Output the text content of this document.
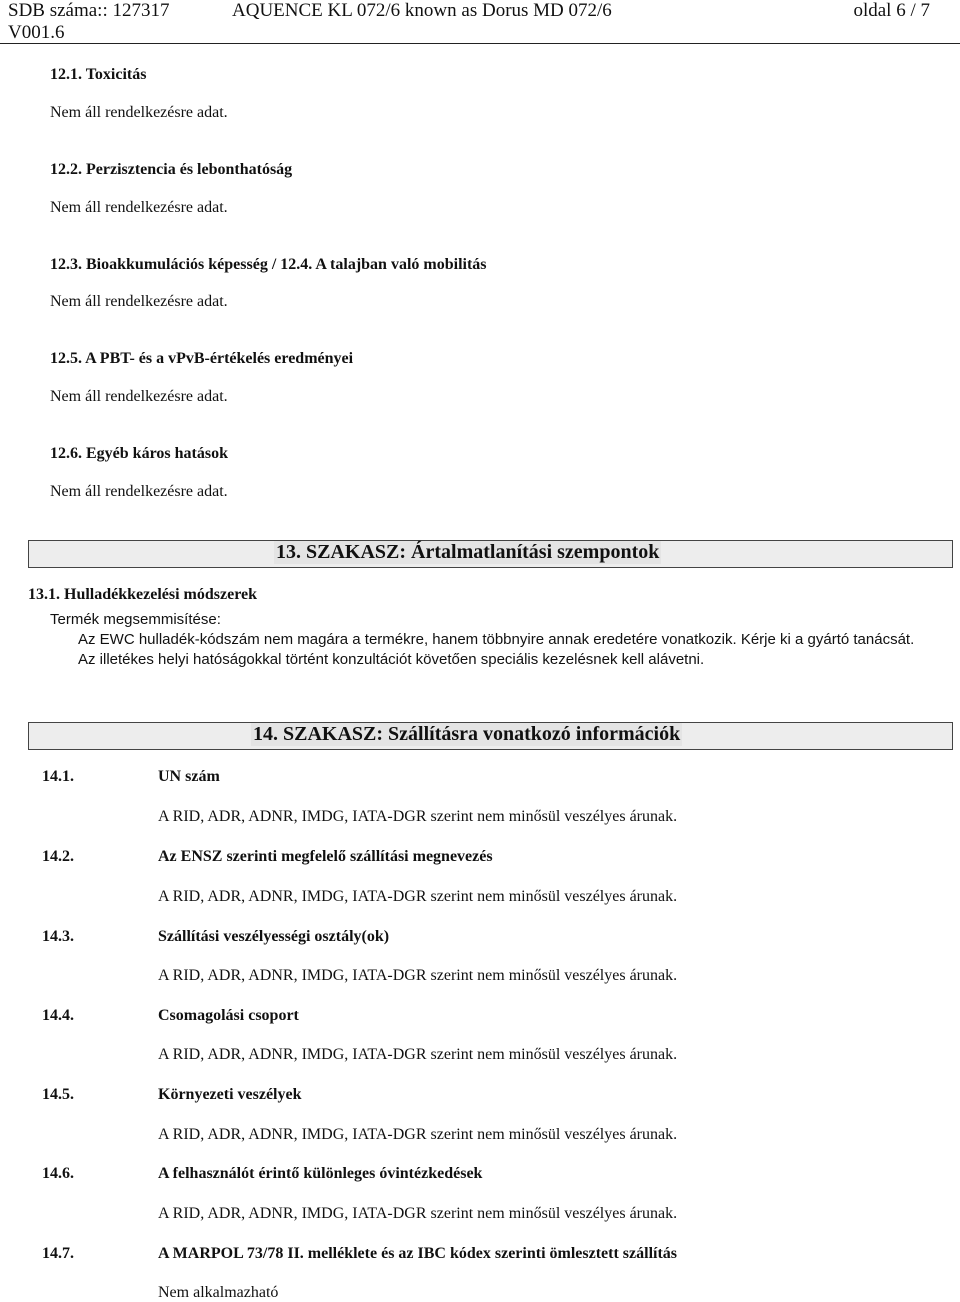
SDB száma:: 127317
V001.6
AQUENCE KL 072/6 known as Dorus MD 072/6	oldal 6 / 7
12.1. Toxicitás
Nem áll rendelkezésre adat.
12.2. Perzisztencia és lebonthatóság
Nem áll rendelkezésre adat.
12.3. Bioakkumulációs képesség / 12.4. A talajban való mobilitás
Nem áll rendelkezésre adat.
12.5. A PBT- és a vPvB-értékelés eredményei
Nem áll rendelkezésre adat.
12.6. Egyéb káros hatások
Nem áll rendelkezésre adat.
13. SZAKASZ: Ártalmatlanítási szempontok
13.1. Hulladékkezelési módszerek
Termék megsemmisítése:
Az EWC hulladék-kódszám nem magára a termékre, hanem többnyire annak eredetére vonatkozik. Kérje ki a gyártó tanácsát.
Az illetékes helyi hatóságokkal történt konzultációt követően speciális kezelésnek kell alávetni.
14. SZAKASZ: Szállításra vonatkozó információk
14.1.	UN szám
A RID, ADR, ADNR, IMDG, IATA-DGR szerint nem minősül veszélyes árunak.
14.2.	Az ENSZ szerinti megfelelő szállítási megnevezés
A RID, ADR, ADNR, IMDG, IATA-DGR szerint nem minősül veszélyes árunak.
14.3.	Szállítási veszélyességi osztály(ok)
A RID, ADR, ADNR, IMDG, IATA-DGR szerint nem minősül veszélyes árunak.
14.4.	Csomagolási csoport
A RID, ADR, ADNR, IMDG, IATA-DGR szerint nem minősül veszélyes árunak.
14.5.	Környezeti veszélyek
A RID, ADR, ADNR, IMDG, IATA-DGR szerint nem minősül veszélyes árunak.
14.6.	A felhasználót érintő különleges óvintézkedések
A RID, ADR, ADNR, IMDG, IATA-DGR szerint nem minősül veszélyes árunak.
14.7.	A MARPOL 73/78 II. melléklete és az IBC kódex szerinti ömlesztett szállítás
Nem alkalmazható
